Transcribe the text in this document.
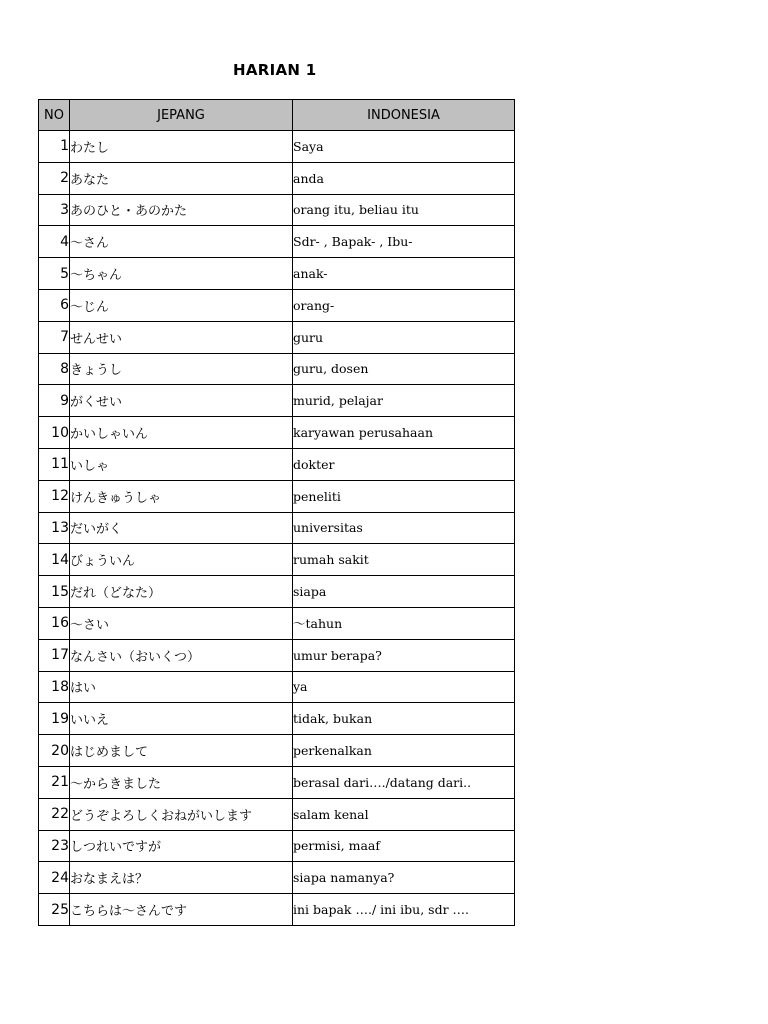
HARIAN 1
NO	JEPANG	INDONESIA
1	わたし	Saya
2	あなた	anda
3	あのひと・あのかた	orang itu, beliau itu
4	〜さん	Sdr- , Bapak- , Ibu-
5	〜ちゃん	anak-
6	〜じん	orang-
7	せんせい	guru
8	きょうし	guru, dosen
9	がくせい	murid, pelajar
10	かいしゃいん	karyawan perusahaan
11	いしゃ	dokter
12	けんきゅうしゃ	peneliti
13	だいがく	universitas
14	びょういん	rumah sakit
15	だれ（どなた）	siapa
16	〜さい	〜tahun
17	なんさい（おいくつ）	umur berapa?
18	はい	ya
19	いいえ	tidak, bukan
20	はじめまして	perkenalkan
21	〜からきました	berasal dari…./datang dari..
22	どうぞよろしくおねがいします	salam kenal
23	しつれいですが	permisi, maaf
24	おなまえは？	siapa namanya?
25	こちらは〜さんです	ini bapak …./ ini ibu, sdr ….
